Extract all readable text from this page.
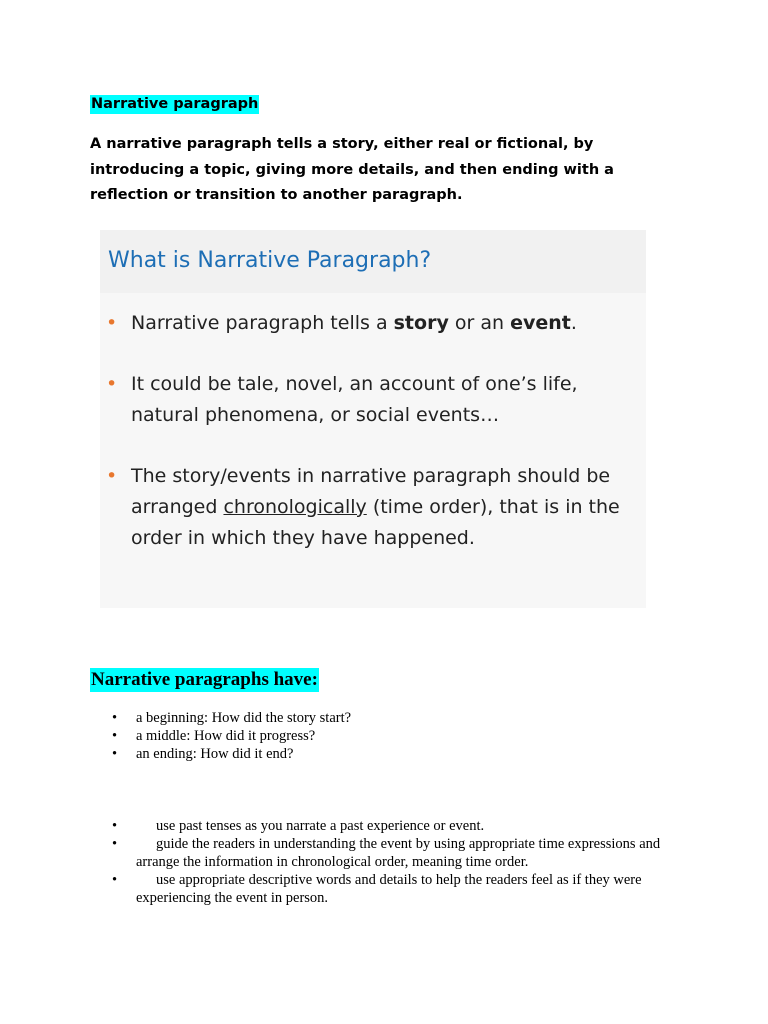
Narrative paragraph

A narrative paragraph tells a story, either real or fictional, by introducing a topic, giving more details, and then ending with a reflection or transition to another paragraph.

What is Narrative Paragraph?
• Narrative paragraph tells a story or an event.
• It could be tale, novel, an account of one’s life, natural phenomena, or social events…
• The story/events in narrative paragraph should be arranged chronologically (time order), that is in the order in which they have happened.
Narrative paragraphs have:
• a beginning: How did the story start?
• a middle: How did it progress?
• an ending: How did it end?
•	use past tenses as you narrate a past experience or event.
•	guide the readers in understanding the event by using appropriate time expressions and arrange the information in chronological order, meaning time order.
•	use appropriate descriptive words and details to help the readers feel as if they were experiencing the event in person.
